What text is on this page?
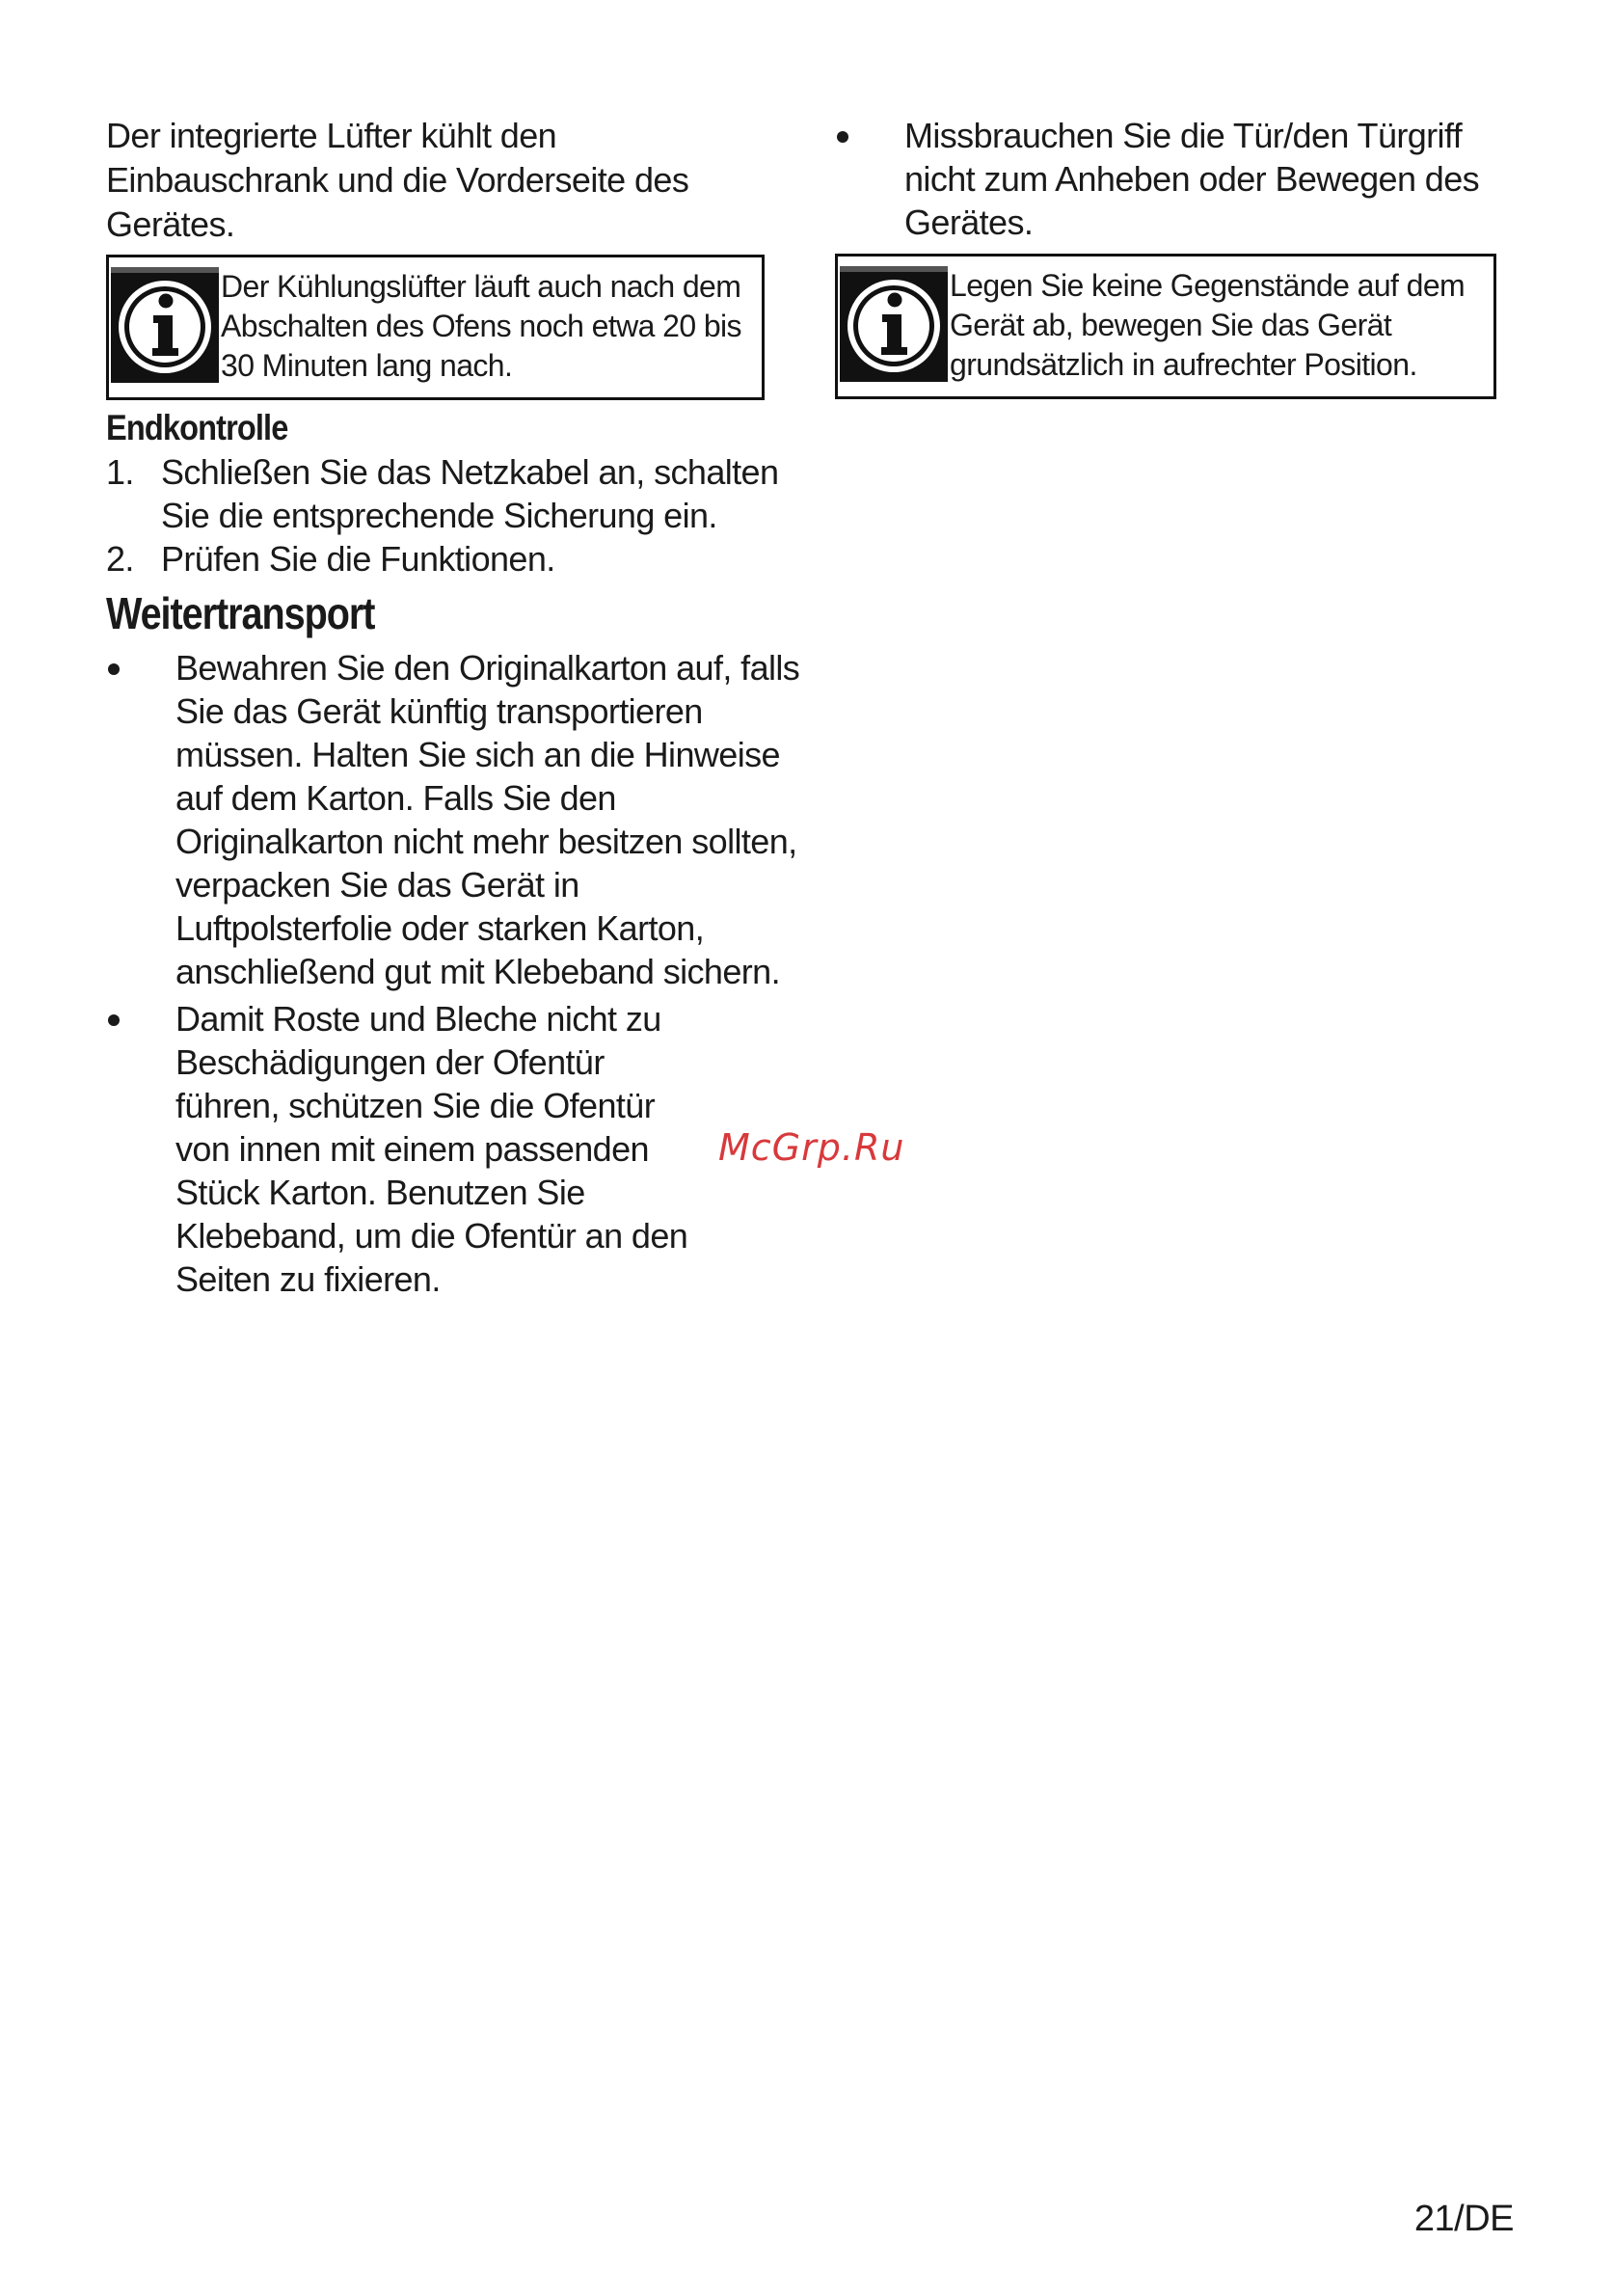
Der integrierte Lüfter kühlt den Einbauschrank und die Vorderseite des Gerätes.

Der Kühlungslüfter läuft auch nach dem Abschalten des Ofens noch etwa 20 bis 30 Minuten lang nach.
Endkontrolle
1. Schließen Sie das Netzkabel an, schalten Sie die entsprechende Sicherung ein.
2. Prüfen Sie die Funktionen.
Weitertransport
Bewahren Sie den Originalkarton auf, falls Sie das Gerät künftig transportieren müssen. Halten Sie sich an die Hinweise auf dem Karton. Falls Sie den Originalkarton nicht mehr besitzen sollten, verpacken Sie das Gerät in Luftpolsterfolie oder starken Karton, anschließend gut mit Klebeband sichern.
Damit Roste und Bleche nicht zu Beschädigungen der Ofentür führen, schützen Sie die Ofentür von innen mit einem passenden Stück Karton. Benutzen Sie Klebeband, um die Ofentür an den Seiten zu fixieren.
Missbrauchen Sie die Tür/den Türgriff nicht zum Anheben oder Bewegen des Gerätes.
Legen Sie keine Gegenstände auf dem Gerät ab, bewegen Sie das Gerät grundsätzlich in aufrechter Position.
McGrp.Ru
21/DE
